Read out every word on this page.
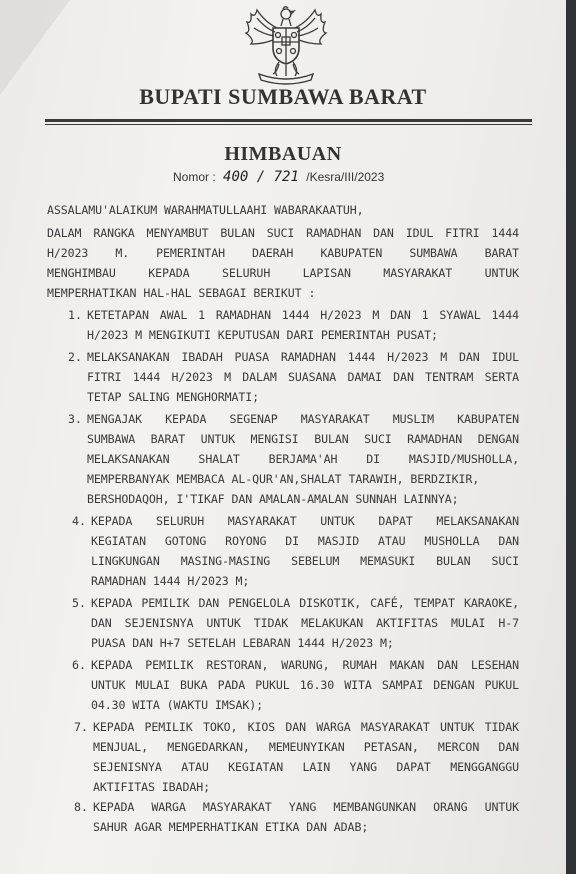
BUPATI SUMBAWA BARAT
HIMBAUAN
Nomor : 400 / 721 /Kesra/III/2023
ASSALAMU'ALAIKUM WARAHMATULLAAHI WABARAKAATUH,
DALAM RANGKA MENYAMBUT BULAN SUCI RAMADHAN DAN IDUL FITRI 1444
H/2023 M. PEMERINTAH DAERAH KABUPATEN SUMBAWA BARAT
MENGHIMBAU KEPADA SELURUH LAPISAN MASYARAKAT UNTUK
MEMPERHATIKAN HAL-HAL SEBAGAI BERIKUT :
1. KETETAPAN AWAL 1 RAMADHAN 1444 H/2023 M DAN 1 SYAWAL 1444
H/2023 M MENGIKUTI KEPUTUSAN DARI PEMERINTAH PUSAT;
2. MELAKSANAKAN IBADAH PUASA RAMADHAN 1444 H/2023 M DAN IDUL
FITRI 1444 H/2023 M DALAM SUASANA DAMAI DAN TENTRAM SERTA
TETAP SALING MENGHORMATI;
3. MENGAJAK KEPADA SEGENAP MASYARAKAT MUSLIM KABUPATEN
SUMBAWA BARAT UNTUK MENGISI BULAN SUCI RAMADHAN DENGAN
MELAKSANAKAN SHALAT BERJAMA'AH DI MASJID/MUSHOLLA,
MEMPERBANYAK MEMBACA AL-QUR'AN,SHALAT TARAWIH, BERDZIKIR,
BERSHODAQOH, I'TIKAF DAN AMALAN-AMALAN SUNNAH LAINNYA;
4. KEPADA SELURUH MASYARAKAT UNTUK DAPAT MELAKSANAKAN
KEGIATAN GOTONG ROYONG DI MASJID ATAU MUSHOLLA DAN
LINGKUNGAN MASING-MASING SEBELUM MEMASUKI BULAN SUCI
RAMADHAN 1444 H/2023 M;
5. KEPADA PEMILIK DAN PENGELOLA DISKOTIK, CAFÉ, TEMPAT KARAOKE,
DAN SEJENISNYA UNTUK TIDAK MELAKUKAN AKTIFITAS MULAI H-7
PUASA DAN H+7 SETELAH LEBARAN 1444 H/2023 M;
6. KEPADA PEMILIK RESTORAN, WARUNG, RUMAH MAKAN DAN LESEHAN
UNTUK MULAI BUKA PADA PUKUL 16.30 WITA SAMPAI DENGAN PUKUL
04.30 WITA (WAKTU IMSAK);
7. KEPADA PEMILIK TOKO, KIOS DAN WARGA MASYARAKAT UNTUK TIDAK
MENJUAL, MENGEDARKAN, MEMEUNYIKAN PETASAN, MERCON DAN
SEJENISNYA ATAU KEGIATAN LAIN YANG DAPAT MENGGANGGU
AKTIFITAS IBADAH;
8. KEPADA WARGA MASYARAKAT YANG MEMBANGUNKAN ORANG UNTUK
SAHUR AGAR MEMPERHATIKAN ETIKA DAN ADAB;
